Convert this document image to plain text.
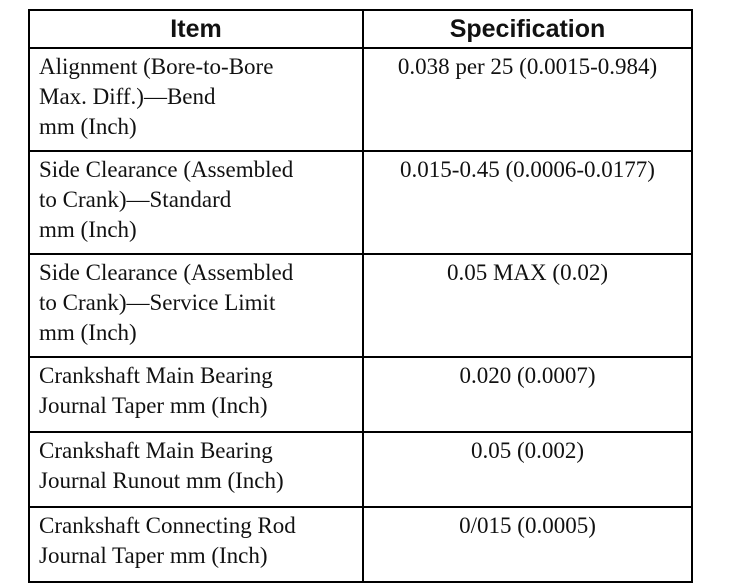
Item	Specification
Alignment (Bore-to-Bore
Max. Diff.)—Bend
mm (Inch)	0.038 per 25 (0.0015-0.984)
Side Clearance (Assembled
to Crank)—Standard
mm (Inch)	0.015-0.45 (0.0006-0.0177)
Side Clearance (Assembled
to Crank)—Service Limit
mm (Inch)	0.05 MAX (0.02)
Crankshaft Main Bearing
Journal Taper mm (Inch)	0.020 (0.0007)
Crankshaft Main Bearing
Journal Runout mm (Inch)	0.05 (0.002)
Crankshaft Connecting Rod
Journal Taper mm (Inch)	0/015 (0.0005)
